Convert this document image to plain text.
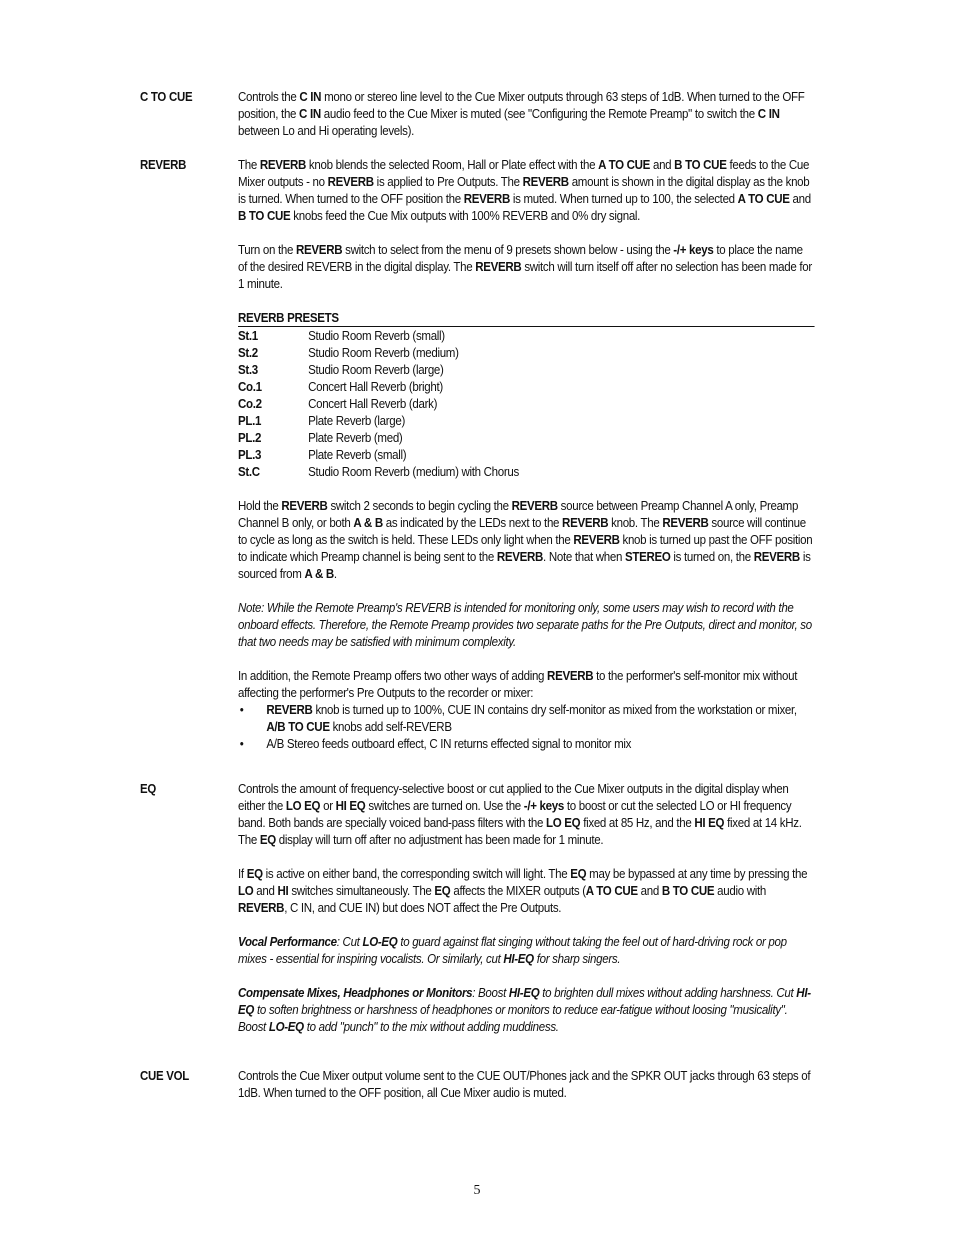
C TO CUE	Controls the C IN mono or stereo line level to the Cue Mixer outputs through 63 steps of 1dB. When turned to the OFF position, the C IN audio feed to the Cue Mixer is muted (see "Configuring the Remote Preamp" to switch the C IN between Lo and Hi operating levels).
REVERB	The REVERB knob blends the selected Room, Hall or Plate effect with the A TO CUE and B TO CUE feeds to the Cue Mixer outputs - no REVERB is applied to Pre Outputs. The REVERB amount is shown in the digital display as the knob is turned. When turned to the OFF position the REVERB is muted. When turned up to 100, the selected A TO CUE and B TO CUE knobs feed the Cue Mix outputs with 100% REVERB and 0% dry signal.
Turn on the REVERB switch to select from the menu of 9 presets shown below - using the -/+ keys to place the name of the desired REVERB in the digital display. The REVERB switch will turn itself off after no selection has been made for 1 minute.
REVERB PRESETS
St.1	Studio Room Reverb (small)
St.2	Studio Room Reverb (medium)
St.3	Studio Room Reverb (large)
Co.1	Concert Hall Reverb (bright)
Co.2	Concert Hall Reverb (dark)
PL.1	Plate Reverb (large)
PL.2	Plate Reverb (med)
PL.3	Plate Reverb (small)
St.C	Studio Room Reverb (medium) with Chorus
Hold the REVERB switch 2 seconds to begin cycling the REVERB source between Preamp Channel A only, Preamp Channel B only, or both A & B as indicated by the LEDs next to the REVERB knob. The REVERB source will continue to cycle as long as the switch is held. These LEDs only light when the REVERB knob is turned up past the OFF position to indicate which Preamp channel is being sent to the REVERB. Note that when STEREO is turned on, the REVERB is sourced from A & B.
Note: While the Remote Preamp's REVERB is intended for monitoring only, some users may wish to record with the onboard effects. Therefore, the Remote Preamp provides two separate paths for the Pre Outputs, direct and monitor, so that two needs may be satisfied with minimum complexity.
In addition, the Remote Preamp offers two other ways of adding REVERB to the performer's self-monitor mix without affecting the performer's Pre Outputs to the recorder or mixer:
• REVERB knob is turned up to 100%, CUE IN contains dry self-monitor as mixed from the workstation or mixer, A/B TO CUE knobs add self-REVERB
• A/B Stereo feeds outboard effect, C IN returns effected signal to monitor mix
EQ	Controls the amount of frequency-selective boost or cut applied to the Cue Mixer outputs in the digital display when either the LO EQ or HI EQ switches are turned on. Use the -/+ keys to boost or cut the selected LO or HI frequency band. Both bands are specially voiced band-pass filters with the LO EQ fixed at 85 Hz, and the HI EQ fixed at 14 kHz. The EQ display will turn off after no adjustment has been made for 1 minute.
If EQ is active on either band, the corresponding switch will light. The EQ may be bypassed at any time by pressing the LO and HI switches simultaneously. The EQ affects the MIXER outputs (A TO CUE and B TO CUE audio with REVERB, C IN, and CUE IN) but does NOT affect the Pre Outputs.
Vocal Performance: Cut LO-EQ to guard against flat singing without taking the feel out of hard-driving rock or pop mixes - essential for inspiring vocalists. Or similarly, cut HI-EQ for sharp singers.
Compensate Mixes, Headphones or Monitors: Boost HI-EQ to brighten dull mixes without adding harshness. Cut HI-EQ to soften brightness or harshness of headphones or monitors to reduce ear-fatigue without loosing "musicality". Boost LO-EQ to add "punch" to the mix without adding muddiness.
CUE VOL	Controls the Cue Mixer output volume sent to the CUE OUT/Phones jack and the SPKR OUT jacks through 63 steps of 1dB. When turned to the OFF position, all Cue Mixer audio is muted.
5
